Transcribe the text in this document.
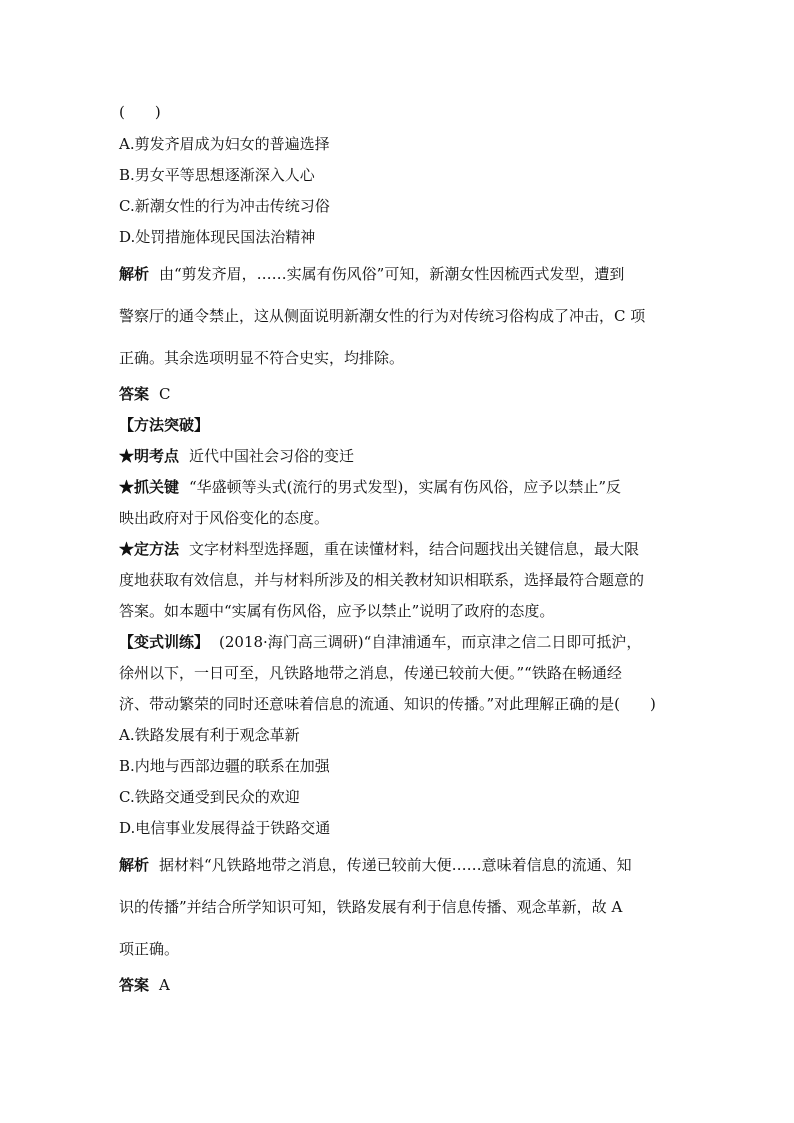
(　　)
A.剪发齐眉成为妇女的普遍选择
B.男女平等思想逐渐深入人心
C.新潮女性的行为冲击传统习俗
D.处罚措施体现民国法治精神
解析 由“剪发齐眉，……实属有伤风俗”可知，新潮女性因梳西式发型，遭到
警察厅的通令禁止，这从侧面说明新潮女性的行为对传统习俗构成了冲击，C 项
正确。其余选项明显不符合史实，均排除。
答案 C
【方法突破】
★明考点 近代中国社会习俗的变迁
★抓关键 “华盛顿等头式(流行的男式发型)，实属有伤风俗，应予以禁止”反
映出政府对于风俗变化的态度。
★定方法 文字材料型选择题，重在读懂材料，结合问题找出关键信息，最大限
度地获取有效信息，并与材料所涉及的相关教材知识相联系，选择最符合题意的
答案。如本题中“实属有伤风俗，应予以禁止”说明了政府的态度。
【变式训练】 (2018·海门高三调研)“自津浦通车，而京津之信二日即可抵沪，
徐州以下，一日可至，凡铁路地带之消息，传递已较前大便。”“铁路在畅通经
济、带动繁荣的同时还意味着信息的流通、知识的传播。”对此理解正确的是(　　)
A.铁路发展有利于观念革新
B.内地与西部边疆的联系在加强
C.铁路交通受到民众的欢迎
D.电信事业发展得益于铁路交通
解析 据材料“凡铁路地带之消息，传递已较前大便……意味着信息的流通、知
识的传播”并结合所学知识可知，铁路发展有利于信息传播、观念革新，故 A
项正确。
答案 A
